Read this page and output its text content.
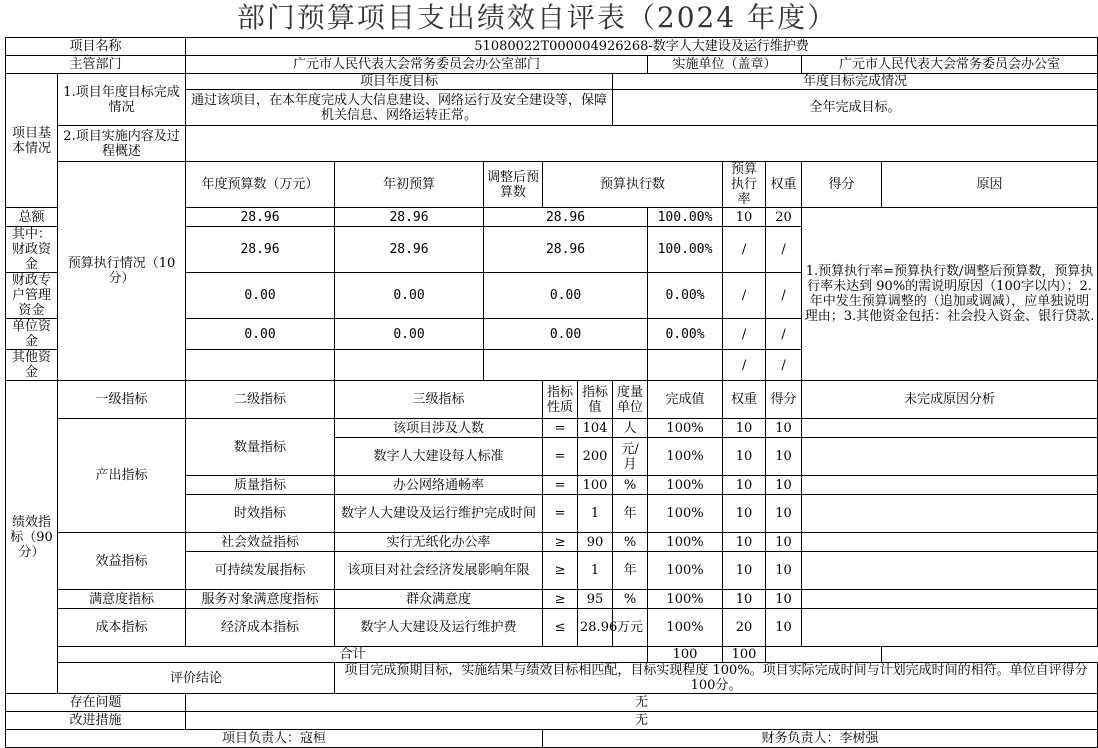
部门预算项目支出绩效自评表（2024 年度）
项目名称		51080022T000004926268-数字人大建设及运行维护费										
主管部门		广元市人民代表大会常务委员会办公室部门						实施单位（盖章）			广元市人民代表大会常务委员会办公室	
项目基本情况	1.项目年度目标完成情况	项目年度目标					年度目标完成情况					
		通过该项目，在本年度完成人大信息建设、网络运行及安全建设等，保障机关信息、网络运转正常。					全年完成目标。					
	2.项目实施内容及过程概述											
	预算执行情况（10分）	年度预算数（万元）	年初预算	调整后预算数	预算执行数				预算执行率	权重	得分	原因
总额		28.96	28.96	28.96				100.00%	10	20	1.预算执行率=预算执行数/调整后预算数，预算执行率未达到 90%的需说明原因（100字以内）；2.年中发生预算调整的（追加或调减），应单独说明理由；3.其他资金包括：社会投入资金、银行贷款.	
其中：财政资金		28.96	28.96	28.96				100.00%	/	/		
财政专户管理资金		0.00	0.00	0.00				0.00%	/	/		
单位资金		0.00	0.00	0.00				0.00%	/	/		
其他资金									/	/		
绩效指标（90分）	一级指标	二级指标	三级指标		指标性质	指标值	度量单位	完成值	权重	得分	未完成原因分析	
	产出指标	数量指标	该项目涉及人数		=	104	人	100%	10	10		
			数字人大建设每人标准		=	200	元/月	100%	10	10		
		质量指标	办公网络通畅率		=	100	%	100%	10	10		
		时效指标	数字人大建设及运行维护完成时间		=	1	年	100%	10	10		
	效益指标	社会效益指标	实行无纸化办公率		≥	90	%	100%	10	10		
		可持续发展指标	该项目对社会经济发展影响年限		≥	1	年	100%	10	10		
	满意度指标	服务对象满意度指标	群众满意度		≥	95	%	100%	10	10		
	成本指标	经济成本指标	数字人大建设及运行维护费		≤	28.96	万元	100%	20	10		
	合计							100	100			
	评价结论		项目完成预期目标，实施结果与绩效目标相匹配，目标实现程度 100%。项目实际完成时间与计划完成时间的相符。单位自评得分 100分。									
存在问题		无										
改进措施		无										
项目负责人：寇桓					财务负责人：李树强							
